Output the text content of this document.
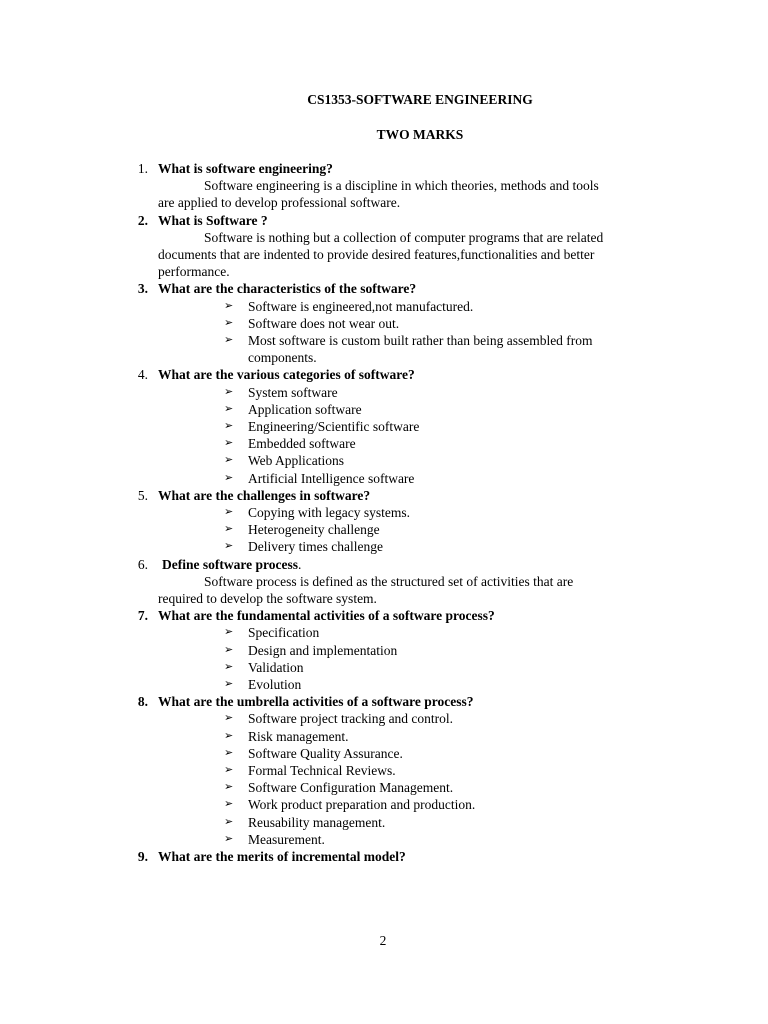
CS1353-SOFTWARE ENGINEERING
TWO MARKS
1. What is software engineering?
Software engineering is a discipline in which theories, methods and tools
are applied to develop professional software.
2. What is Software ?
Software is nothing but a collection of computer programs that are related
documents that are indented to provide desired features,functionalities and better
performance.
3. What are the characteristics of the software?
➢ Software is engineered,not manufactured.
➢ Software does not wear out.
➢ Most software is custom built rather than being assembled from
components.
4. What are the various categories of software?
➢ System software
➢ Application software
➢ Engineering/Scientific software
➢ Embedded software
➢ Web Applications
➢ Artificial Intelligence software
5. What are the challenges in software?
➢ Copying with legacy systems.
➢ Heterogeneity challenge
➢ Delivery times challenge
6. Define software process.
Software process is defined as the structured set of activities that are
required to develop the software system.
7. What are the fundamental activities of a software process?
➢ Specification
➢ Design and implementation
➢ Validation
➢ Evolution
8. What are the umbrella activities of a software process?
➢ Software project tracking and control.
➢ Risk management.
➢ Software Quality Assurance.
➢ Formal Technical Reviews.
➢ Software Configuration Management.
➢ Work product preparation and production.
➢ Reusability management.
➢ Measurement.
9. What are the merits of incremental model?
2
